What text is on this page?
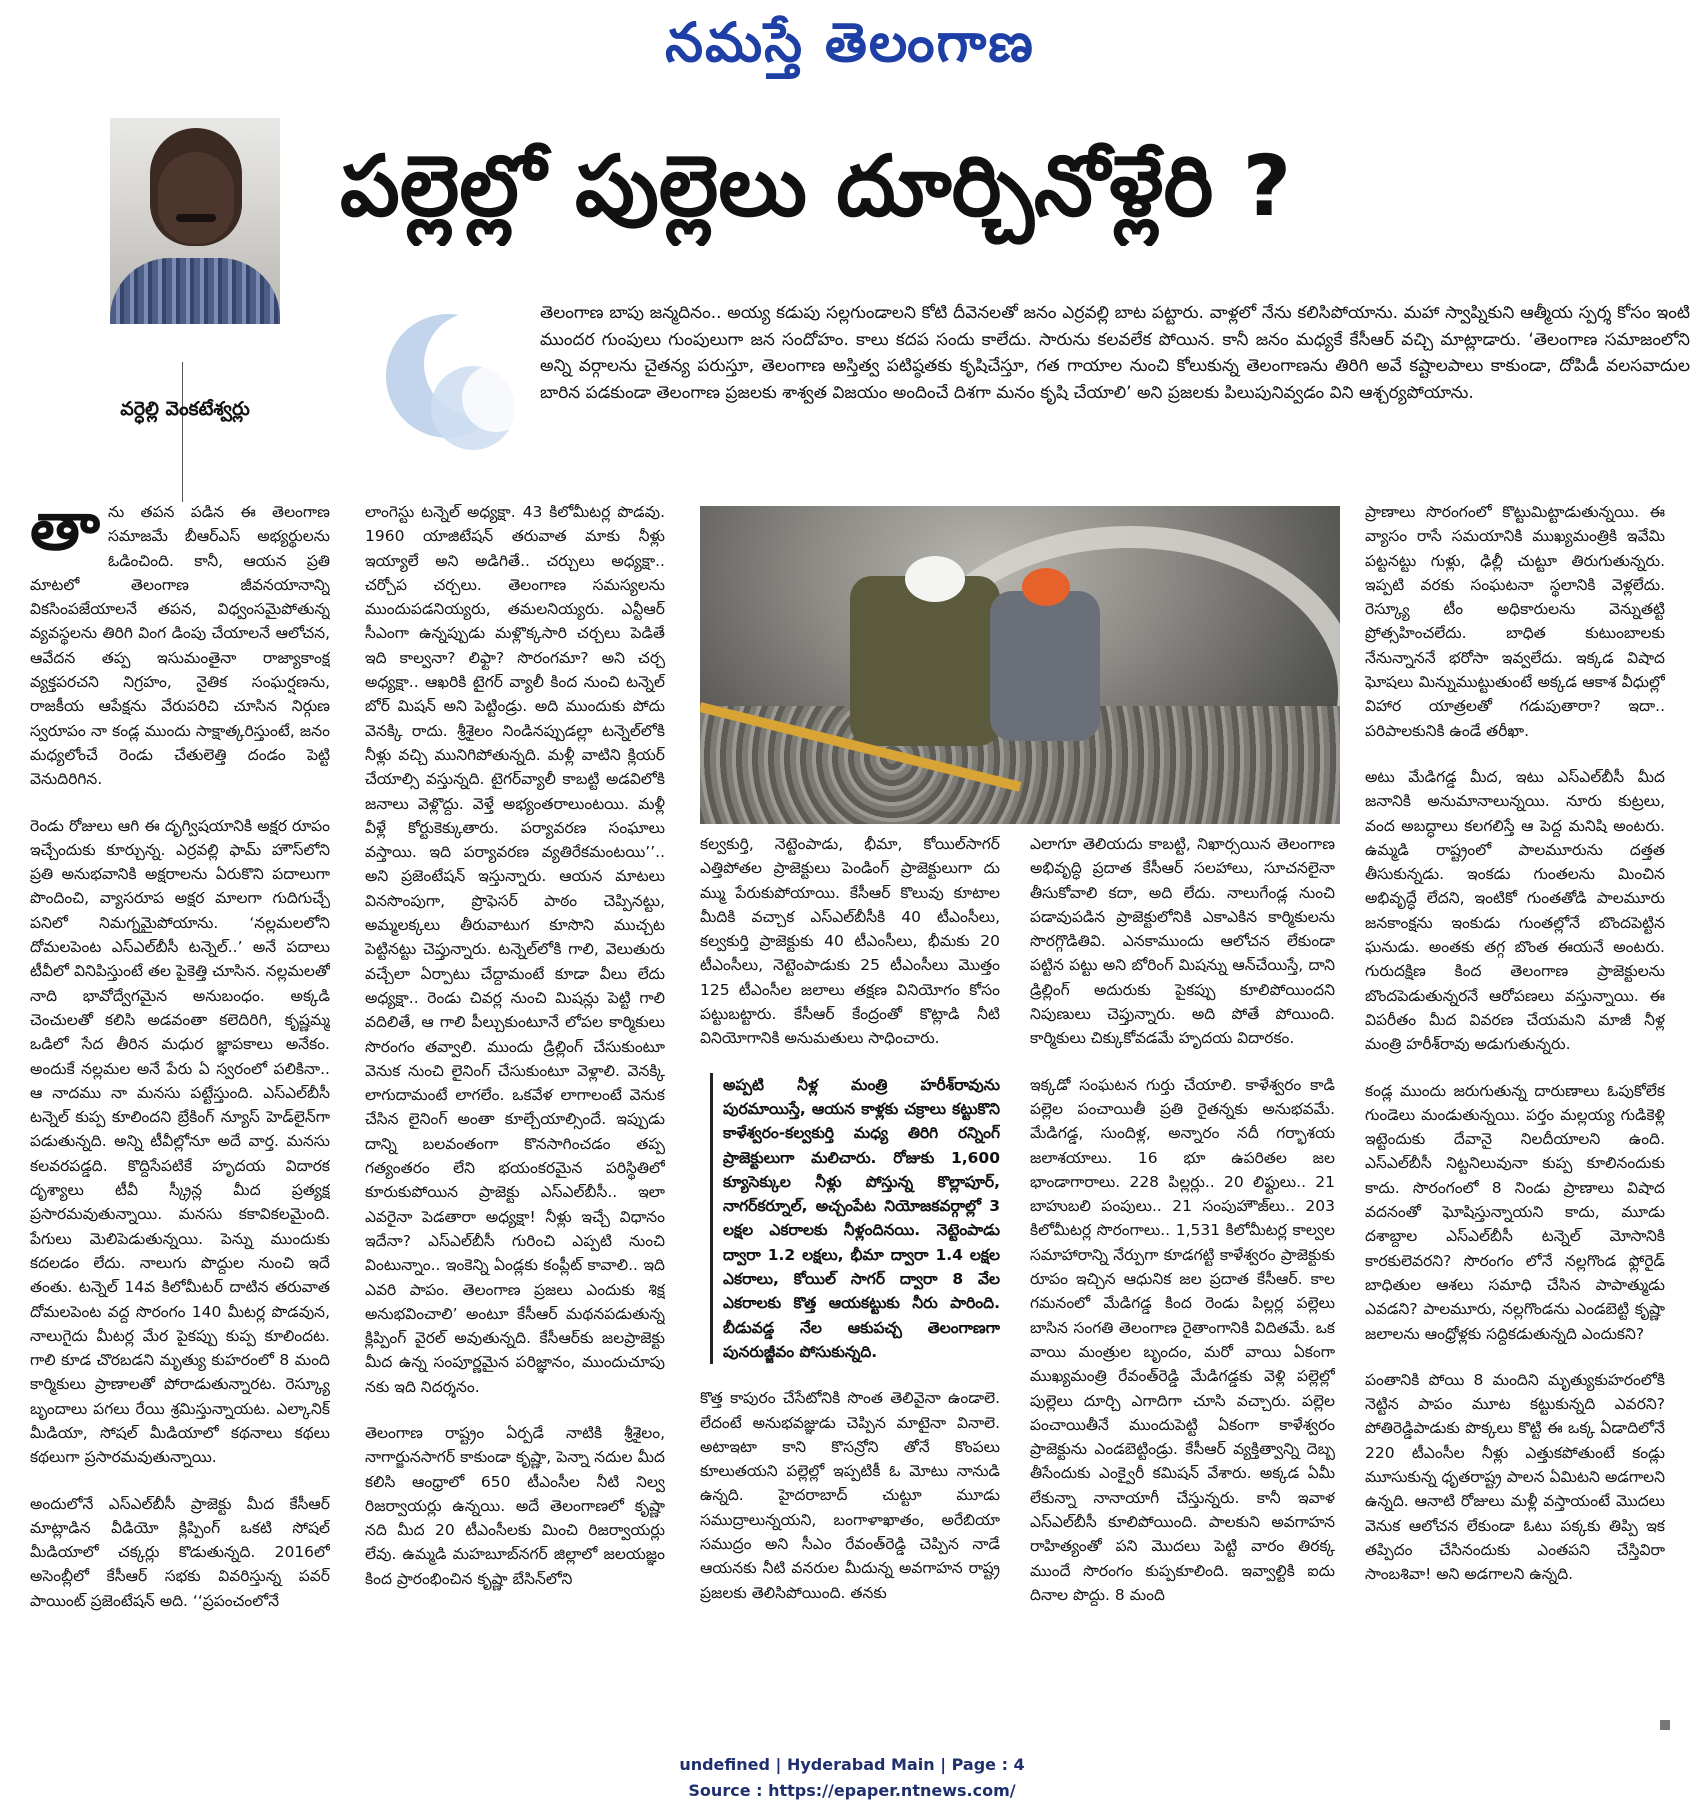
నమస్తే తెలంగాణ
వర్ధెల్లి వెంకటేశ్వర్లు
పల్లెల్లో పుల్లెలు దూర్చినోళ్లేరి ?

తెలంగాణ బాపు జన్మదినం.. అయ్య కడుపు సల్లగుండాలని కోటి దీవెనలతో జనం ఎర్రవల్లి బాట పట్టారు. వాళ్లలో నేను కలిసిపోయాను. మహా స్వాప్నికుని ఆత్మీయ స్పర్శ కోసం ఇంటి ముందర గుంపులు గుంపులుగా జన సందోహం. కాలు కదప సందు కాలేదు. సారును కలవలేక పోయిన. కానీ జనం మధ్యకే కేసీఆర్ వచ్చి మాట్లాడారు. ‘తెలంగాణ సమాజంలోని అన్ని వర్గాలను చైతన్య పరుస్తూ, తెలంగాణ అస్తిత్వ పటిష్ఠతకు కృషిచేస్తూ, గత గాయాల నుంచి కోలుకున్న తెలంగాణను తిరిగి అవే కష్టాలపాలు కాకుండా, దోపిడీ వలసవాదుల బారిన పడకుండా తెలంగాణ ప్రజలకు శాశ్వత విజయం అందించే దిశగా మనం కృషి చేయాలి’ అని ప్రజలకు పిలుపునివ్వడం విని ఆశ్చర్యపోయాను.

తాను తపన పడిన ఈ తెలంగాణ సమాజమే బీఆర్‌ఎస్ అభ్యర్థులను ఓడించింది. కానీ, ఆయన ప్రతి మాటలో తెలంగాణ జీవనయానాన్ని వికసింపజేయాలనే తపన, విధ్వంసమైపోతున్న వ్యవస్థలను తిరిగి వింగ డింపు చేయాలనే ఆలోచన, ఆవేదన తప్ప ఇసుమంతైనా రాజ్యాకాంక్ష వ్యక్తపరచని నిగ్రహం, నైతిక సంఘర్షణను, రాజకీయ ఆపేక్షను వేరుపరిచి చూసిన నిర్గుణ స్వరూపం నా కండ్ల ముందు సాక్షాత్కరిస్తుంటే, జనం మధ్యలోంచే రెండు చేతులెత్తి దండం పెట్టి వెనుదిరిగిన.

రెండు రోజులు ఆగి ఈ దృగ్విషయానికి అక్షర రూపం ఇచ్చేందుకు కూర్చున్న. ఎర్రవల్లి ఫామ్ హౌస్‌లోని ప్రతి అనుభవానికి అక్షరాలను ఏరుకొని పదాలుగా పొందించి, వ్యాసరూప అక్షర మాలగా గుదిగుచ్చే పనిలో నిమగ్నమైపోయాను. ‘నల్లమలలోని దోమలపెంట ఎస్‌ఎల్‌బీసీ టన్నెల్..’ అనే పదాలు టీవీలో వినిపిస్తుంటే తల పైకెత్తి చూసిన. నల్లమలతో నాది భావోద్వేగమైన అనుబంధం. అక్కడి చెంచులతో కలిసి అడవంతా కలెదిరిగి, కృష్ణమ్మ ఒడిలో సేద తీరిన మధుర జ్ఞాపకాలు అనేకం. అందుకే నల్లమల అనే పేరు ఏ స్వరంలో పలికినా.. ఆ నాదము నా మనసు పట్టేస్తుంది. ఎస్‌ఎల్‌బీసీ టన్నెల్ కుప్ప కూలిందని బ్రేకింగ్ న్యూస్ హెడ్‌లైన్‌గా పడుతున్నది. అన్ని టీవీల్లోనూ అదే వార్త. మనసు కలవరపడ్డది. కొద్దిసేపటికే హృదయ విదారక దృశ్యాలు టీవీ స్క్రీన్ల మీద ప్రత్యక్ష ప్రసారమవుతున్నాయి. మనసు కకావికలమైంది. పేగులు మెలిపెడుతున్నయి. పెన్ను ముందుకు కదలడం లేదు. నాలుగు పొద్దుల నుంచి ఇదే తంతు. టన్నెల్ 14వ కిలోమీటర్ దాటిన తరువాత దోమలపెంట వద్ద సొరంగం 140 మీటర్ల పొడవున, నాలుగైదు మీటర్ల మేర పైకప్పు కుప్ప కూలిందట. గాలి కూడ చొరబడని మృత్యు కుహరంలో 8 మంది కార్మికులు ప్రాణాలతో పోరాడుతున్నారట. రెస్క్యూ బృందాలు పగలు రేయి శ్రమిస్తున్నాయట. ఎల్కానిక్ మీడియా, సోషల్ మీడియాలో కథనాలు కథలు కథలుగా ప్రసారమవుతున్నాయి.

అందులోనే ఎస్‌ఎల్‌బీసీ ప్రాజెక్టు మీద కేసీఆర్ మాట్లాడిన వీడియో క్లిప్పింగ్ ఒకటి సోషల్ మీడియాలో చక్కర్లు కొడుతున్నది. 2016లో అసెంబ్లీలో కేసీఆర్ సభకు వివరిస్తున్న పవర్ పాయింట్ ప్రజెంటేషన్ అది. ‘‘ప్రపంచంలోనే

లాంగెస్టు టన్నెల్ అధ్యక్షా. 43 కిలోమీటర్ల పొడవు. 1960 యాజిటేషన్ తరువాత మాకు నీళ్లు ఇయ్యాలే అని అడిగితే.. చర్చులు అధ్యక్షా.. చర్చోప చర్చలు. తెలంగాణ సమస్యలను ముందుపడనియ్యరు, తమలనియ్యరు. ఎన్టీఆర్ సీఎంగా ఉన్నప్పుడు మళ్లొక్కసారి చర్చలు పెడితే ఇది కాల్వనా? లిఫ్టా? సొరంగమా? అని చర్చ అధ్యక్షా.. ఆఖరికి టైగర్ వ్యాలీ కింద నుంచి టన్నెల్ బోర్ మిషన్ అని పెట్టిండ్రు. అది ముందుకు పోదు వెనక్కి రాదు. శ్రీశైలం నిండినప్పుడల్లా టన్నెల్‌లోకి నీళ్లు వచ్చి మునిగిపోతున్నది. మళ్లీ వాటిని క్లియర్ చేయాల్సి వస్తున్నది. టైగర్‌వ్యాలీ కాబట్టి అడవిలోకి జనాలు వెళ్లొద్దు. వెళ్తే అభ్యంతరాలుంటయి. మళ్లీ వీళ్లే కోర్టుకెక్కుతారు. పర్యావరణ సంఘాలు వస్తాయి. ఇది పర్యావరణ వ్యతిరేకమంటయి’’.. అని ప్రజెంటేషన్ ఇస్తున్నారు. ఆయన మాటలు వినసొంపుగా, ప్రొఫెసర్ పాఠం చెప్పినట్టు, అమ్మలక్కలు తీరువాటుగ కూసొని ముచ్చట పెట్టినట్టు చెప్తున్నారు. టన్నెల్‌లోకి గాలి, వెలుతురు వచ్చేలా ఏర్పాటు చేద్దామంటే కూడా వీలు లేదు అధ్యక్షా.. రెండు చివర్ల నుంచి మిషన్లు పెట్టి గాలి వదిలితే, ఆ గాలి పీల్చుకుంటూనే లోపల కార్మికులు సొరంగం తవ్వాలి. ముందు డ్రిల్లింగ్ చేసుకుంటూ వెనుక నుంచి లైనింగ్ చేసుకుంటూ వెళ్లాలి. వెనక్కి లాగుదామంటే లాగలేం. ఒకవేళ లాగాలంటే వెనుక చేసిన లైనింగ్ అంతా కూల్చేయాల్సిందే. ఇప్పుడు దాన్ని బలవంతంగా కొనసాగించడం తప్ప గత్యంతరం లేని భయంకరమైన పరిస్థితిలో కూరుకుపోయిన ప్రాజెక్టు ఎస్‌ఎల్‌బీసీ.. ఇలా ఎవరైనా పెడతారా అధ్యక్షా! నీళ్లు ఇచ్చే విధానం ఇదేనా? ఎస్‌ఎల్‌బీసీ గురించి ఎప్పటి నుంచి వింటున్నాం.. ఇంకెన్ని ఏండ్లకు కంప్లీట్ కావాలి.. ఇది ఎవరి పాపం. తెలంగాణ ప్రజలు ఎందుకు శిక్ష అనుభవించాలి’ అంటూ కేసీఆర్ మథనపడుతున్న క్లిప్పింగ్ వైరల్ అవుతున్నది. కేసీఆర్‌కు జలప్రాజెక్టు మీద ఉన్న సంపూర్ణమైన పరిజ్ఞానం, ముందుచూపు నకు ఇది నిదర్శనం.

తెలంగాణ రాష్ట్రం ఏర్పడే నాటికి శ్రీశైలం, నాగార్జునసాగర్ కాకుండా కృష్ణా, పెన్నా నదుల మీద కలిసి ఆంధ్రాలో 650 టీఎంసీల నీటి నిల్వ రిజర్వాయర్లు ఉన్నయి. అదే తెలంగాణలో కృష్ణా నది మీద 20 టీఎంసీలకు మించి రిజర్వాయర్లు లేవు. ఉమ్మడి మహబూబ్‌నగర్ జిల్లాలో జలయజ్ఞం కింద ప్రారంభించిన కృష్ణా బేసిన్‌లోని

కల్వకుర్తి, నెట్టెంపాడు, భీమా, కోయిల్‌సాగర్ ఎత్తిపోతల ప్రాజెక్టులు పెండింగ్ ప్రాజెక్టులుగా దు మ్ము పేరుకుపోయాయి. కేసీఆర్ కొలువు కూటాల మీదికి వచ్చాక ఎస్‌ఎల్‌బీసీకి 40 టీఎంసీలు, కల్వకుర్తి ప్రాజెక్టుకు 40 టీఎంసీలు, భీమకు 20 టీఎంసీలు, నెట్టెంపాడుకు 25 టీఎంసీలు మొత్తం 125 టీఎంసీల జలాలు తక్షణ వినియోగం కోసం పట్టుబట్టారు. కేసీఆర్ కేంద్రంతో కొట్లాడి నీటి వినియోగానికి అనుమతులు సాధించారు.

అప్పటి నీళ్ల మంత్రి హరీశ్‌రావును పురమాయిస్తే, ఆయన కాళ్లకు చక్రాలు కట్టుకొని కాళేశ్వరం-కల్వకుర్తి మధ్య తిరిగి రన్నింగ్ ప్రాజెక్టులుగా మలిచారు. రోజుకు 1,600 క్యూసెక్కుల నీళ్లు పోస్తున్న కొల్లాపూర్, నాగర్‌కర్నూల్, అచ్చంపేట నియోజకవర్గాల్లో 3 లక్షల ఎకరాలకు నీళ్లందినయి. నెట్టెంపాడు ద్వారా 1.2 లక్షలు, భీమా ద్వారా 1.4 లక్షల ఎకరాలు, కోయిల్ సాగర్ ద్వారా 8 వేల ఎకరాలకు కొత్త ఆయకట్టుకు నీరు పారింది. బీడువడ్డ నేల ఆకుపచ్చ తెలంగాణగా పునరుజ్జీవం పోసుకున్నది.

కొత్త కాపురం చేసేటోనికి సొంత తెలివైనా ఉండాలె. లేదంటే అనుభవజ్ఞుడు చెప్పిన మాటైనా వినాలె. అటాఇటా కాని కొసన్రోని తోనే కొంపలు కూలుతయని పల్లెల్లో ఇప్పటికీ ఓ మోటు నానుడి ఉన్నది. హైదరాబాద్ చుట్టూ మూడు సముద్రాలున్నయని, బంగాళాఖాతం, అరేబియా సముద్రం అని సీఎం రేవంత్‌రెడ్డి చెప్పిన నాడే ఆయనకు నీటి వనరుల మీదున్న అవగాహన రాష్ట్ర ప్రజలకు తెలిసిపోయింది. తనకు

ఎలాగూ తెలియదు కాబట్టి, నిఖార్సయిన తెలంగాణ అభివృద్ధి ప్రదాత కేసీఆర్ సలహాలు, సూచనలైనా తీసుకోవాలి కదా, అది లేదు. నాలుగేండ్ల నుంచి పడావుపడిన ప్రాజెక్టులోనికి ఎకాఎకిన కార్మికులను సొరగ్గొడితివి. ఎనకాముందు ఆలోచన లేకుండా పట్టిన పట్టు అని బోరింగ్ మిషన్ను ఆన్‌చేయిస్తే, దాని డ్రిల్లింగ్ అదురుకు పైకప్పు కూలిపోయిందని నిపుణులు చెప్తున్నారు. అది పోతే పోయింది. కార్మికులు చిక్కుకోవడమే హృదయ విదారకం.

ఇక్కడో సంఘటన గుర్తు చేయాలి. కాళేశ్వరం కాడి పల్లెల పంచాయితీ ప్రతి రైతన్నకు అనుభవమే. మేడిగడ్డ, సుందిళ్ల, అన్నారం నదీ గర్భాశయ జలాశయాలు. 16 భూ ఉపరితల జల భాండాగారాలు. 228 పిల్లర్లు.. 20 లిఫ్టులు.. 21 బాహుబలి పంపులు.. 21 సంపుహౌజ్‌లు.. 203 కిలోమీటర్ల సొరంగాలు.. 1,531 కిలోమీటర్ల కాల్వల సమాహారాన్ని నేర్పుగా కూడగట్టి కాళేశ్వరం ప్రాజెక్టుకు రూపం ఇచ్చిన ఆధునిక జల ప్రదాత కేసీఆర్. కాల గమనంలో మేడిగడ్డ కింద రెండు పిల్లర్ల పల్లెలు బాసిన సంగతి తెలంగాణ రైతాంగానికి విదితమే. ఒక వాయి మంత్రుల బృందం, మరో వాయి ఏకంగా ముఖ్యమంత్రి రేవంత్‌రెడ్డి మేడిగడ్డకు వెళ్లి పల్లెల్లో పుల్లెలు దూర్చి ఎగాదిగా చూసి వచ్చారు. పల్లెల పంచాయితీనే ముందుపెట్టి ఏకంగా కాళేశ్వరం ప్రాజెక్టును ఎండబెట్టిండ్రు. కేసీఆర్ వ్యక్తిత్వాన్ని దెబ్బ తీసేందుకు ఎంక్వైరీ కమిషన్ వేశారు. అక్కడ ఏమీ లేకున్నా నానాయాగీ చేస్తున్నరు. కానీ ఇవాళ ఎస్‌ఎల్‌బీసీ కూలిపోయింది. పాలకుని అవగాహన రాహిత్యంతో పని మొదలు పెట్టి వారం తిరక్క ముందే సొరంగం కుప్పకూలింది. ఇవ్వాల్టికి ఐదు దినాల పొద్దు. 8 మంది

ప్రాణాలు సొరంగంలో కొట్టుమిట్టాడుతున్నయి. ఈ వ్యాసం రాసే సమయానికి ముఖ్యమంత్రికి ఇవేమి పట్టనట్టు గుళ్లు, ఢిల్లీ చుట్టూ తిరుగుతున్నరు. ఇప్పటి వరకు సంఘటనా స్థలానికి వెళ్లలేదు. రెస్క్యూ టీం అధికారులను వెన్నుతట్టి ప్రోత్సహించలేదు. బాధిత కుటుంబాలకు నేనున్నాననే భరోసా ఇవ్వలేదు. ఇక్కడ విషాద ఘోషలు మిన్నుముట్టుతుంటే అక్కడ ఆకాశ వీధుల్లో విహార యాత్రలతో గడుపుతారా? ఇదా.. పరిపాలకునికి ఉండే తరీఖా.

అటు మేడిగడ్డ మీద, ఇటు ఎస్‌ఎల్‌బీసీ మీద జనానికి అనుమానాలున్నయి. నూరు కుట్రలు, వంద అబద్ధాలు కలగలిస్తే ఆ పెద్ద మనిషి అంటరు. ఉమ్మడి రాష్ట్రంలో పాలమూరును దత్తత తీసుకున్నడు. ఇంకడు గుంతలను మించిన అభివృద్ధే లేదని, ఇంటికో గుంతతోడి పాలమూరు జనకాంక్షను ఇంకుడు గుంతల్లోనే బొందపెట్టిన ఘనుడు. అంతకు తగ్గ బొంత ఈయనే అంటరు. గురుదక్షిణ కింద తెలంగాణ ప్రాజెక్టులను బొందపెడుతున్నరనే ఆరోపణలు వస్తున్నాయి. ఈ విపరీతం మీద వివరణ చేయమని మాజీ నీళ్ల మంత్రి హరీశ్‌రావు అడుగుతున్నరు.

కండ్ల ముందు జరుగుతున్న దారుణాలు ఓపుకోలేక గుండెలు మండుతున్నయి. పర్తం మల్లయ్య గుడికెళ్లి ఇట్టెందుకు దేవానై నిలదీయాలని ఉంది. ఎస్‌ఎల్‌బీసీ నిట్టనిలువునా కుప్ప కూలినందుకు కాదు. సొరంగంలో 8 నిండు ప్రాణాలు విషాద వదనంతో ఘోషిస్తున్నాయని కాదు, మూడు దశాబ్దాల ఎస్‌ఎల్‌బీసీ టన్నెల్ మోసానికి కారకులెవరని? సొరంగం లోనే నల్లగొండ ఫ్లోరైడ్ బాధితుల ఆశలు సమాధి చేసిన పాపాత్ముడు ఎవడని? పాలమూరు, నల్లగొండను ఎండబెట్టి కృష్ణా జలాలను ఆంధ్రోళ్లకు సద్దికడుతున్నది ఎందుకని?

పంతానికి పోయి 8 మందిని మృత్యుకుహరంలోకి నెట్టిన పాపం మూట కట్టుకున్నది ఎవరని? పోతిరెడ్డిపాడుకు పొక్కలు కొట్టి ఈ ఒక్క ఏడాదిలోనే 220 టీఎంసీల నీళ్లు ఎత్తుకపోతుంటే కండ్లు మూసుకున్న ధృతరాష్ట్ర పాలన ఏమిటని అడగాలని ఉన్నది. ఆనాటి రోజులు మళ్లీ వస్తాయంటే మొదలు వెనుక ఆలోచన లేకుండా ఓటు పక్కకు తిప్పి ఇక తప్పిదం చేసినందుకు ఎంతపని చేస్తివిరా సాంబశివా! అని అడగాలని ఉన్నది.

undefined | Hyderabad Main | Page : 4
Source : https://epaper.ntnews.com/
